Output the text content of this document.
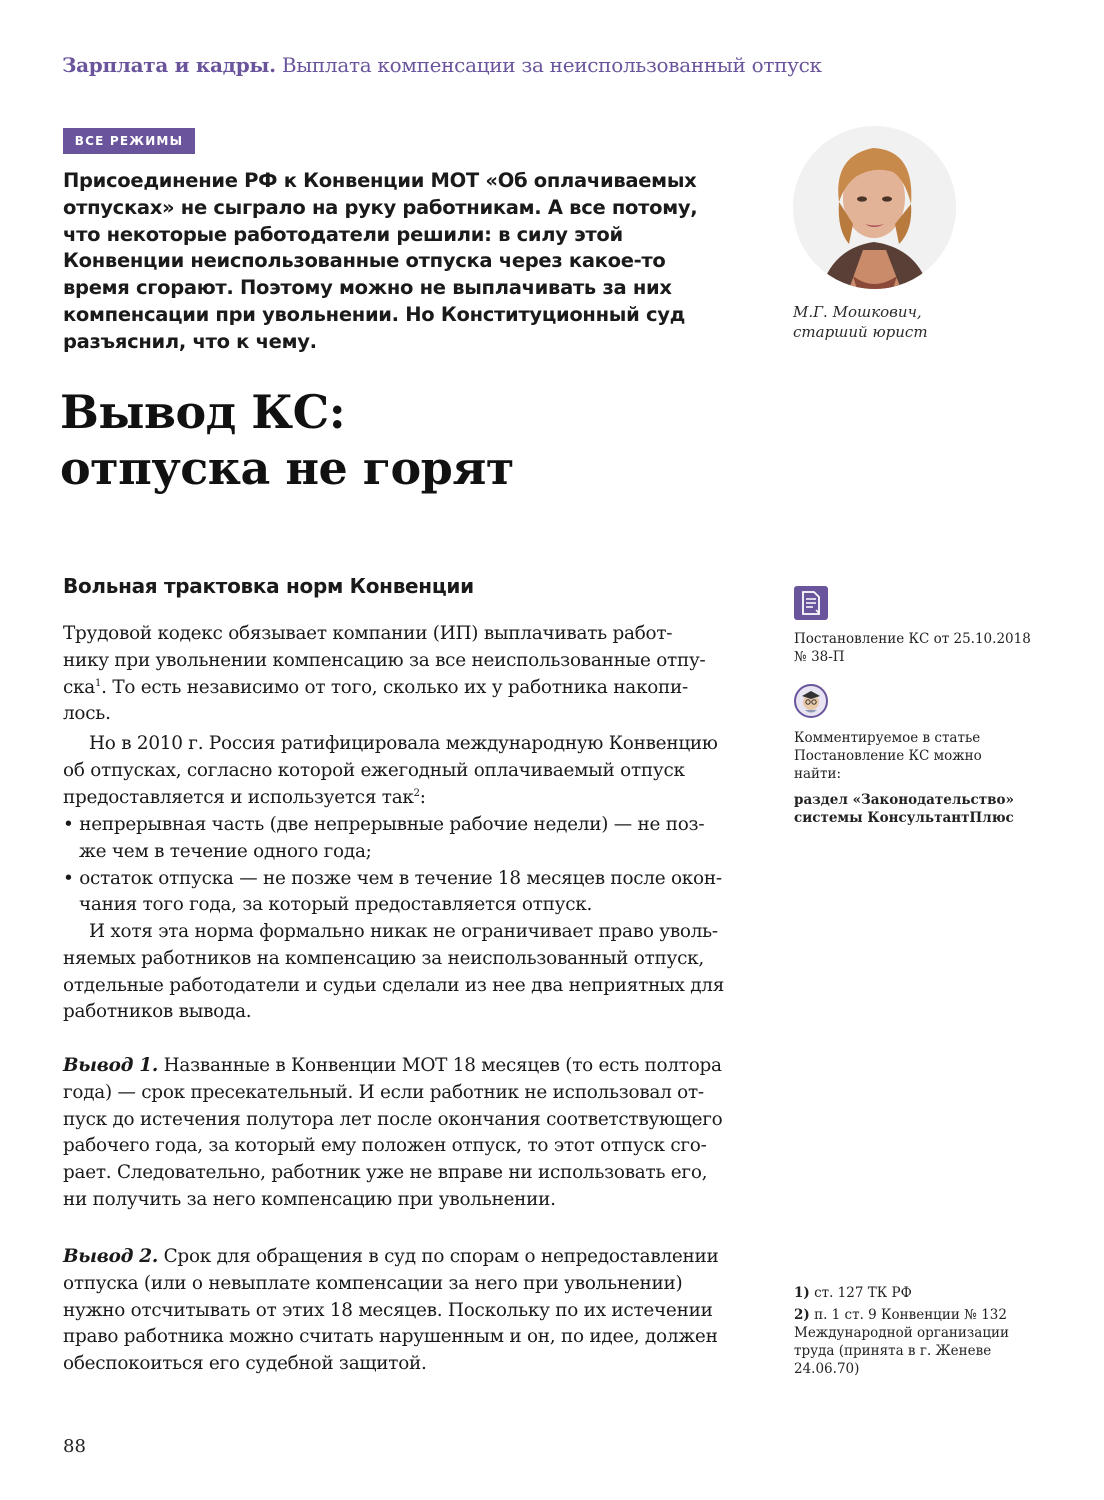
Зарплата и кадры. Выплата компенсации за неиспользованный отпуск
ВСЕ РЕЖИМЫ
Присоединение РФ к Конвенции МОТ «Об оплачиваемых
отпусках» не сыграло на руку работникам. А все потому,
что некоторые работодатели решили: в силу этой
Конвенции неиспользованные отпуска через какое-то
время сгорают. Поэтому можно не выплачивать за них
компенсации при увольнении. Но Конституционный суд
разъяснил, что к чему.
М.Г. Мошкович,
старший юрист
Вывод КС:
отпуска не горят
Вольная трактовка норм Конвенции
Трудовой кодекс обязывает компании (ИП) выплачивать работ-
нику при увольнении компенсацию за все неиспользованные отпу-
ска$^1$. То есть независимо от того, сколько их у работника накопи-
лось.
Но в 2010 г. Россия ратифицировала международную Конвенцию
об отпусках, согласно которой ежегодный оплачиваемый отпуск
предоставляется и используется так$^2$:
• непрерывная часть (две непрерывные рабочие недели) — не поз-
же чем в течение одного года;
• остаток отпуска — не позже чем в течение 18 месяцев после окон-
чания того года, за который предоставляется отпуск.
И хотя эта норма формально никак не ограничивает право уволь-
няемых работников на компенсацию за неиспользованный отпуск,
отдельные работодатели и судьи сделали из нее два неприятных для
работников вывода.
Вывод 1. Названные в Конвенции МОТ 18 месяцев (то есть полтора
года) — срок пресекательный. И если работник не использовал от-
пуск до истечения полутора лет после окончания соответствующего
рабочего года, за который ему положен отпуск, то этот отпуск сго-
рает. Следовательно, работник уже не вправе ни использовать его,
ни получить за него компенсацию при увольнении.
Вывод 2. Срок для обращения в суд по спорам о непредоставлении
отпуска (или о невыплате компенсации за него при увольнении)
нужно отсчитывать от этих 18 месяцев. Поскольку по их истечении
право работника можно считать нарушенным и он, по идее, должен
обеспокоиться его судебной защитой.
Постановление КС от 25.10.2018
№ 38-П
Комментируемое в статье
Постановление КС можно
найти:
раздел «Законодательство»
системы КонсультантПлюс
1) ст. 127 ТК РФ
2) п. 1 ст. 9 Конвенции № 132
Международной организации
труда (принята в г. Женеве
24.06.70)
88
